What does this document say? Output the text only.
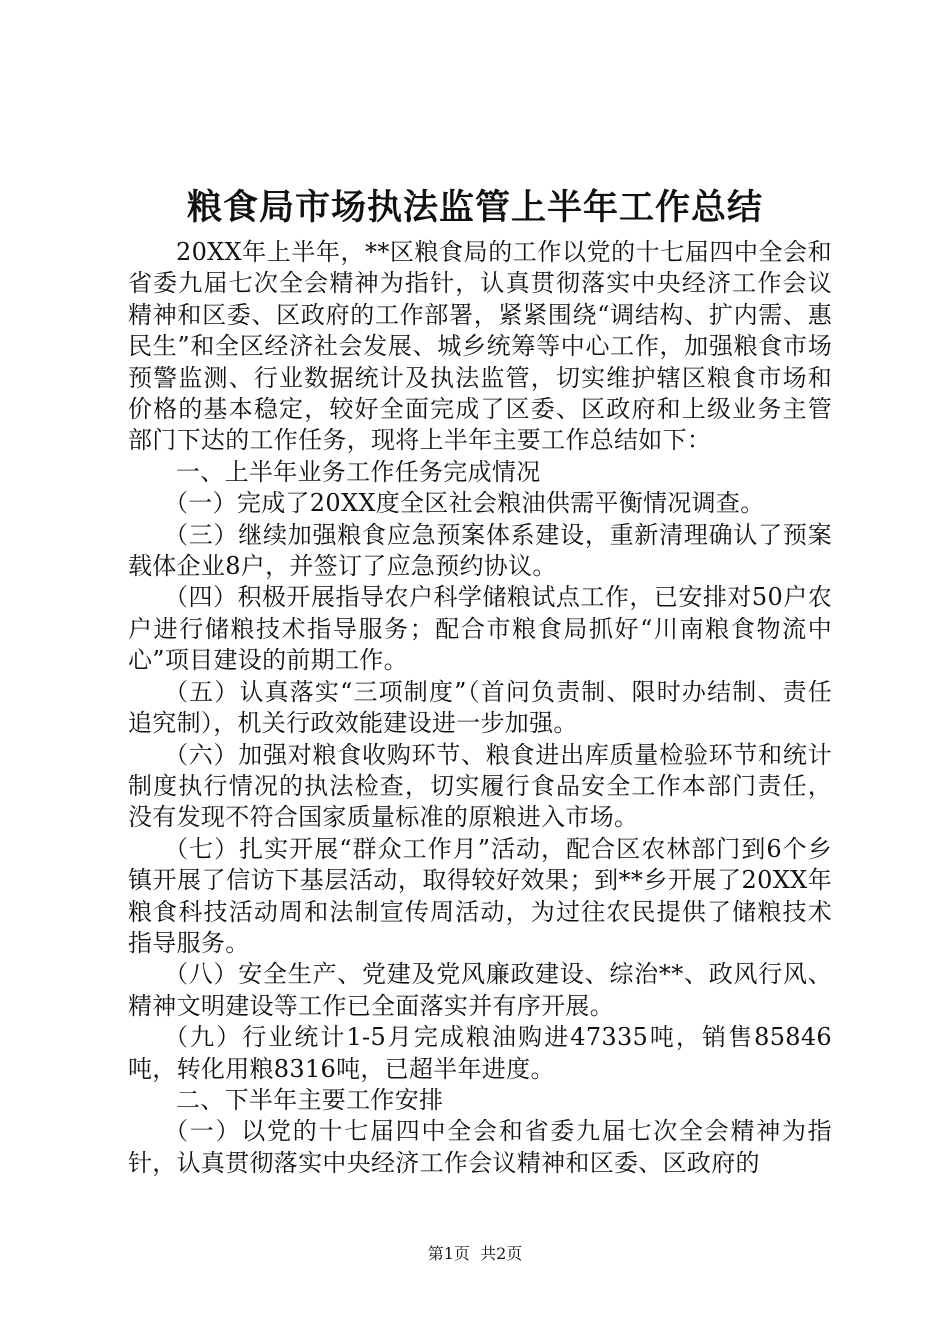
粮食局市场执法监管上半年工作总结

20XX年上半年，**区粮食局的工作以党的十七届四中全会和省委九届七次全会精神为指针，认真贯彻落实中央经济工作会议精神和区委、区政府的工作部署，紧紧围绕“调结构、扩内需、惠民生”和全区经济社会发展、城乡统筹等中心工作，加强粮食市场预警监测、行业数据统计及执法监管，切实维护辖区粮食市场和价格的基本稳定，较好全面完成了区委、区政府和上级业务主管部门下达的工作任务，现将上半年主要工作总结如下：

一、上半年业务工作任务完成情况

（一）完成了20XX度全区社会粮油供需平衡情况调查。

（三）继续加强粮食应急预案体系建设，重新清理确认了预案载体企业8户，并签订了应急预约协议。

（四）积极开展指导农户科学储粮试点工作，已安排对50户农户进行储粮技术指导服务；配合市粮食局抓好“川南粮食物流中心”项目建设的前期工作。

（五）认真落实“三项制度”（首问负责制、限时办结制、责任追究制），机关行政效能建设进一步加强。

（六）加强对粮食收购环节、粮食进出库质量检验环节和统计制度执行情况的执法检查，切实履行食品安全工作本部门责任，没有发现不符合国家质量标准的原粮进入市场。

（七）扎实开展“群众工作月”活动，配合区农林部门到6个乡镇开展了信访下基层活动，取得较好效果；到**乡开展了20XX年粮食科技活动周和法制宣传周活动，为过往农民提供了储粮技术指导服务。

（八）安全生产、党建及党风廉政建设、综治**、政风行风、精神文明建设等工作已全面落实并有序开展。

（九）行业统计1-5月完成粮油购进47335吨，销售85846吨，转化用粮8316吨，已超半年进度。

二、下半年主要工作安排

（一）以党的十七届四中全会和省委九届七次全会精神为指针，认真贯彻落实中央经济工作会议精神和区委、区政府的

第1页 共2页
